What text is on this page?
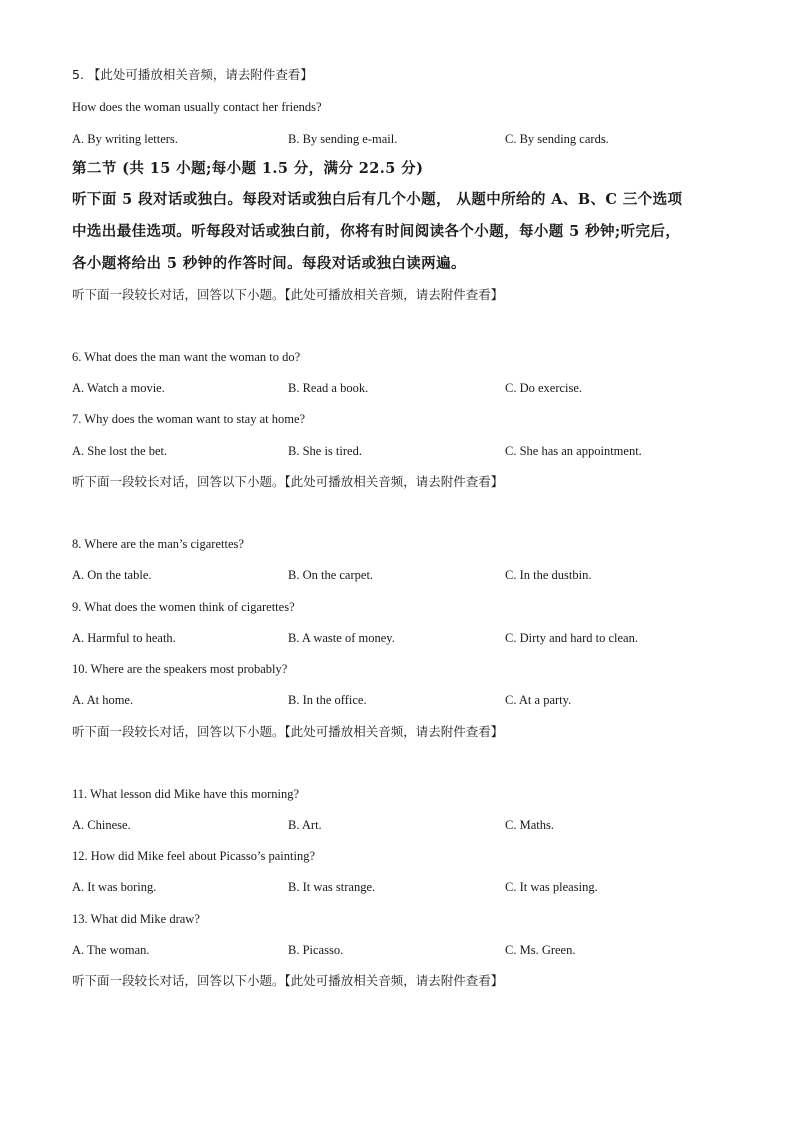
5. 【此处可播放相关音频，请去附件查看】
How does the woman usually contact her friends?
A. By writing letters.	B. By sending e-mail.	C. By sending cards.
第二节 (共 15 小题;每小题 1.5 分，满分 22.5 分)
听下面 5 段对话或独白。每段对话或独白后有几个小题， 从题中所给的 A、B、C 三个选项
中选出最佳选项。听每段对话或独白前，你将有时间阅读各个小题，每小题 5 秒钟;听完后，
各小题将给出 5 秒钟的作答时间。每段对话或独白读两遍。
听下面一段较长对话，回答以下小题。【此处可播放相关音频，请去附件查看】
6. What does the man want the woman to do?
A. Watch a movie.	B. Read a book.	C. Do exercise.
7. Why does the woman want to stay at home?
A. She lost the bet.	B. She is tired.	C. She has an appointment.
听下面一段较长对话，回答以下小题。【此处可播放相关音频，请去附件查看】
8. Where are the man’s cigarettes?
A. On the table.	B. On the carpet.	C. In the dustbin.
9. What does the women think of cigarettes?
A. Harmful to heath.	B. A waste of money.	C. Dirty and hard to clean.
10. Where are the speakers most probably?
A. At home.	B. In the office.	C. At a party.
听下面一段较长对话，回答以下小题。【此处可播放相关音频，请去附件查看】
11. What lesson did Mike have this morning?
A. Chinese.	B. Art.	C. Maths.
12. How did Mike feel about Picasso’s painting?
A. It was boring.	B. It was strange.	C. It was pleasing.
13. What did Mike draw?
A. The woman.	B. Picasso.	C. Ms. Green.
听下面一段较长对话，回答以下小题。【此处可播放相关音频，请去附件查看】
